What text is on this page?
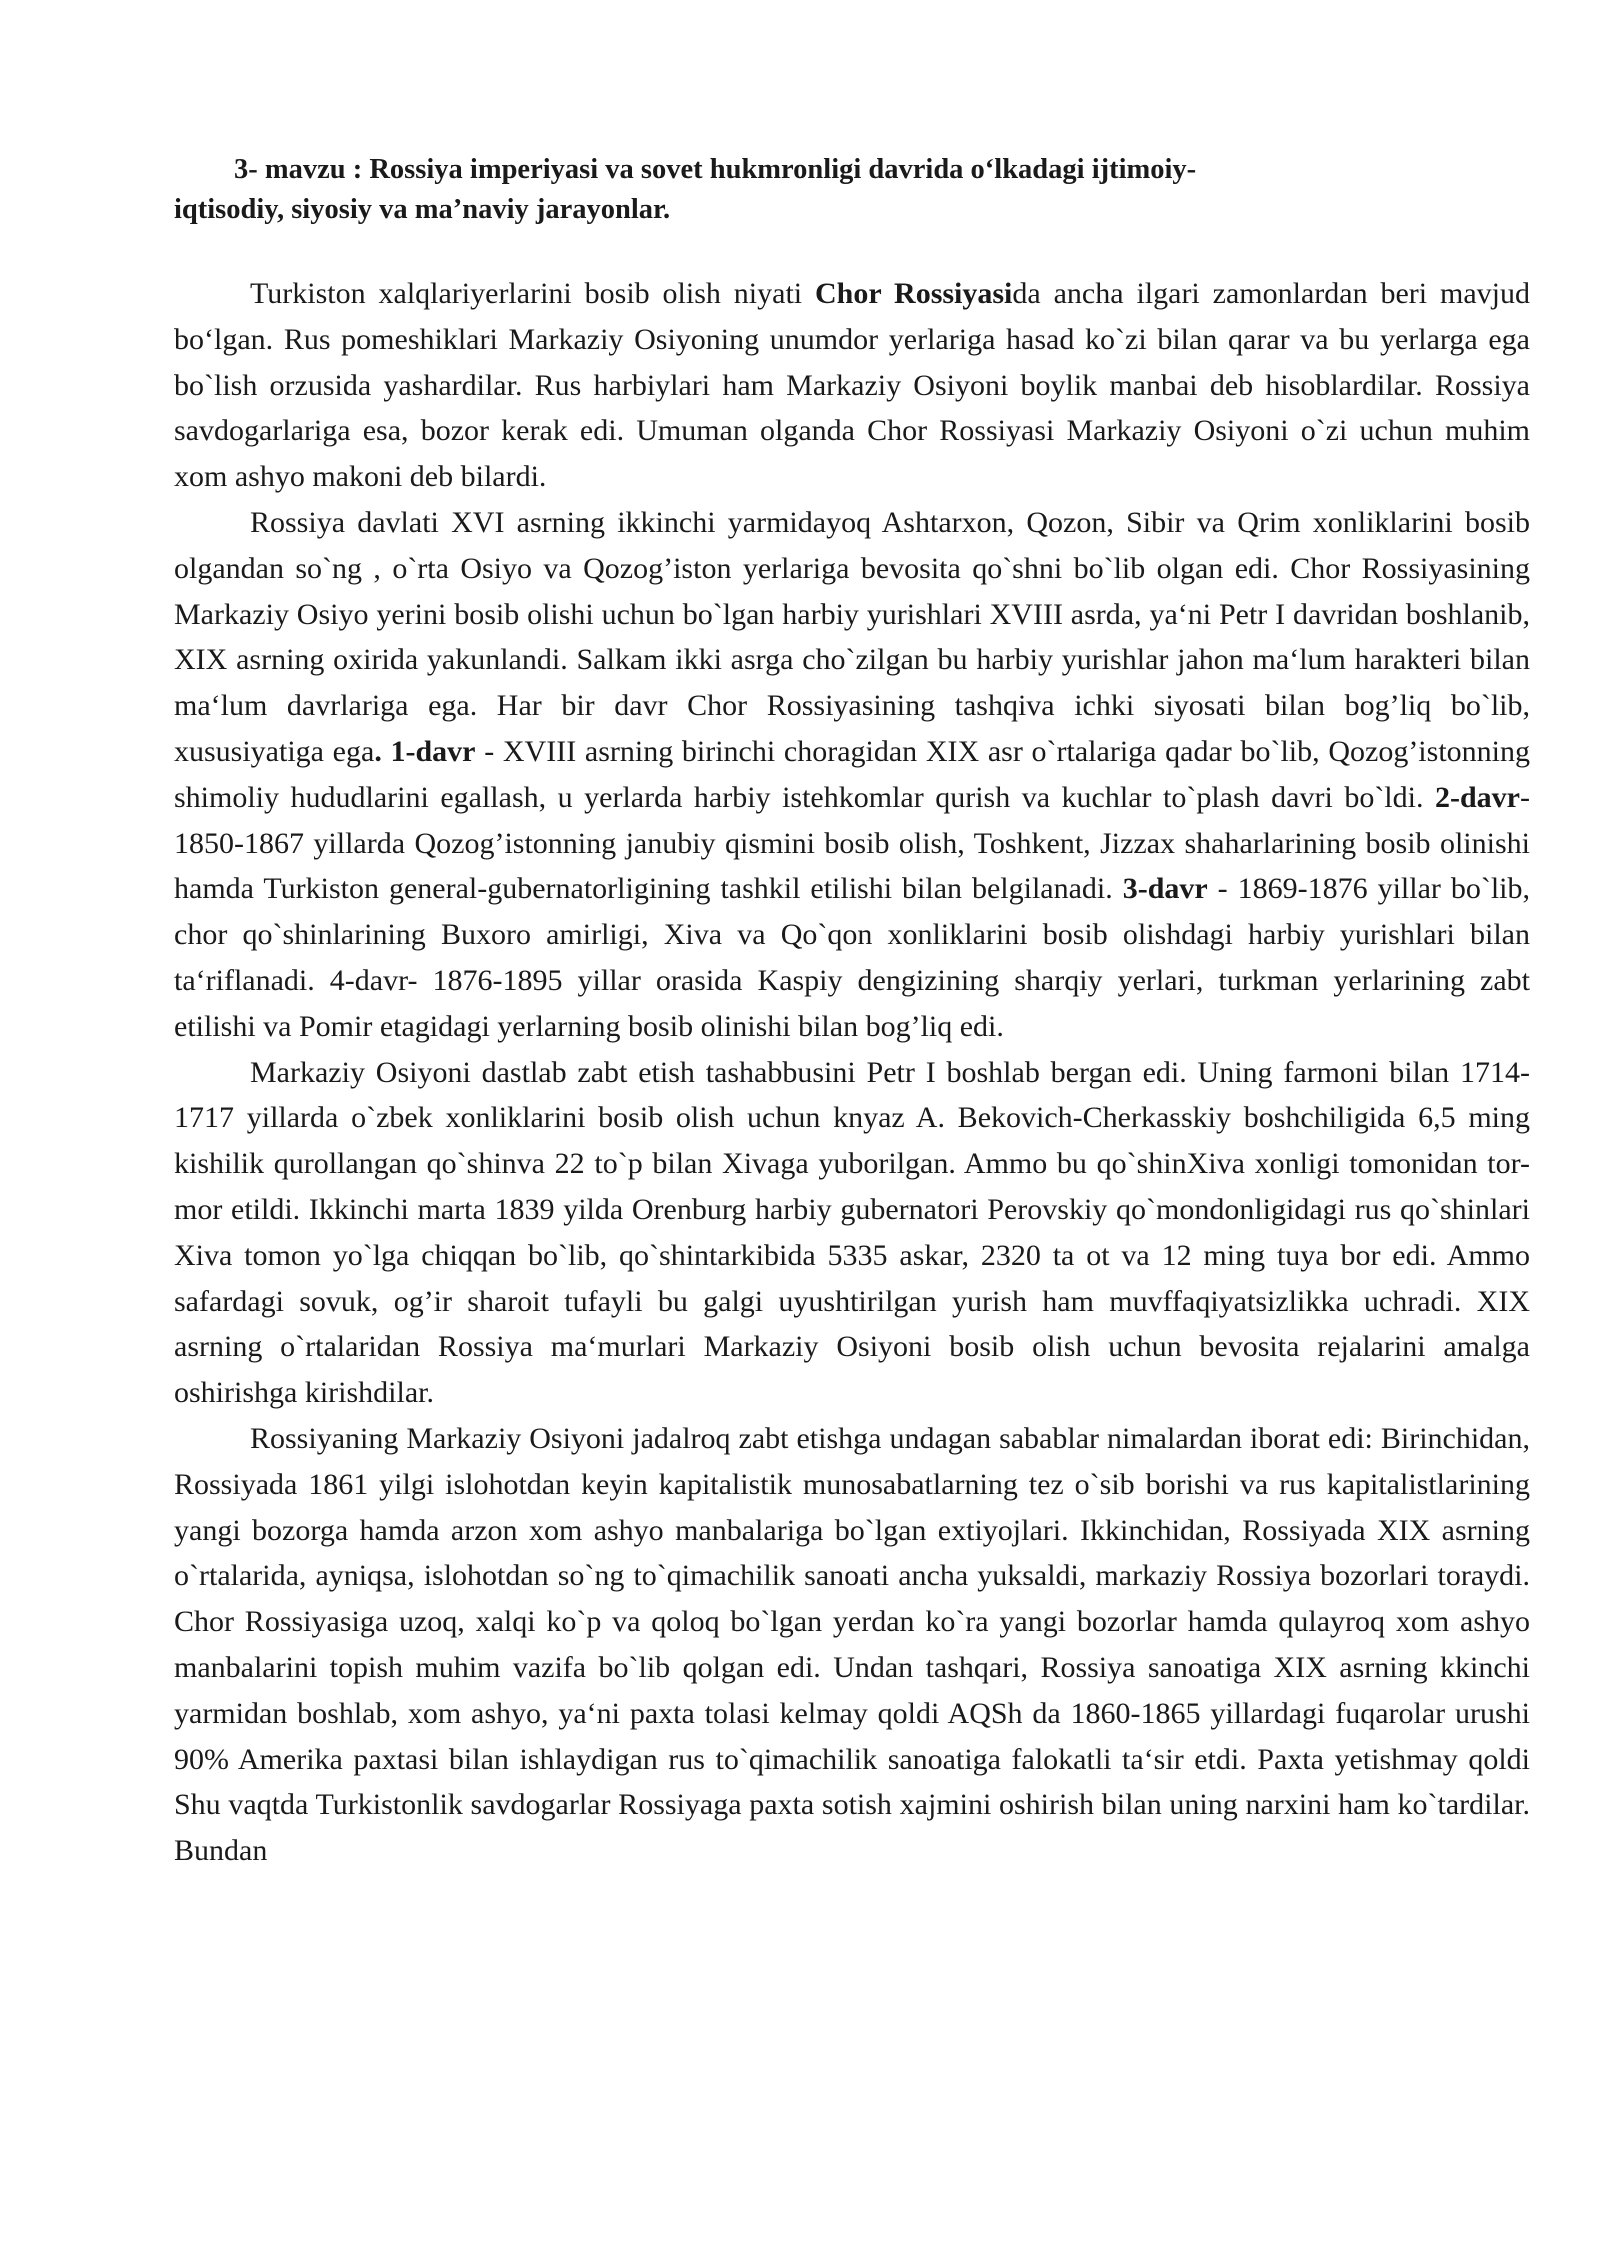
3- mavzu : Rossiya imperiyasi va sovet hukmronligi davrida o‘lkadagi ijtimoiy-
iqtisodiy, siyosiy va ma’naviy jarayonlar.

Turkiston xalqlariyerlarini bosib olish niyati Chor Rossiyasida ancha ilgari zamonlardan beri mavjud bo‘lgan. Rus pomeshiklari Markaziy Osiyoning unumdor yerlariga hasad ko`zi bilan qarar va bu yerlarga ega bo`lish orzusida yashardilar. Rus harbiylari ham Markaziy Osiyoni boylik manbai deb hisoblardilar. Rossiya savdogarlariga esa, bozor kerak edi. Umuman olganda Chor Rossiyasi Markaziy Osiyoni o`zi uchun muhim xom ashyo makoni deb bilardi.

Rossiya davlati XVI asrning ikkinchi yarmidayoq Ashtarxon, Qozon, Sibir va Qrim xonliklarini bosib olgandan so`ng , o`rta Osiyo va Qozog’iston yerlariga bevosita qo`shni bo`lib olgan edi. Chor Rossiyasining Markaziy Osiyo yerini bosib olishi uchun bo`lgan harbiy yurishlari XVIII asrda, ya‘ni Petr I davridan boshlanib, XIX asrning oxirida yakunlandi. Salkam ikki asrga cho`zilgan bu harbiy yurishlar jahon ma‘lum harakteri bilan ma‘lum davrlariga ega. Har bir davr Chor Rossiyasining tashqiva ichki siyosati bilan bog’liq bo`lib, xususiyatiga ega. 1-davr - XVIII asrning birinchi choragidan XIX asr o`rtalariga qadar bo`lib, Qozog’istonning shimoliy hududlarini egallash, u yerlarda harbiy istehkomlar qurish va kuchlar to`plash davri bo`ldi. 2-davr-1850-1867 yillarda Qozog’istonning janubiy qismini bosib olish, Toshkent, Jizzax shaharlarining bosib olinishi hamda Turkiston general-gubernatorligining tashkil etilishi bilan belgilanadi. 3-davr - 1869-1876 yillar bo`lib, chor qo`shinlarining Buxoro amirligi, Xiva va Qo`qon xonliklarini bosib olishdagi harbiy yurishlari bilan ta‘riflanadi. 4-davr- 1876-1895 yillar orasida Kaspiy dengizining sharqiy yerlari, turkman yerlarining zabt etilishi va Pomir etagidagi yerlarning bosib olinishi bilan bog’liq edi.

Markaziy Osiyoni dastlab zabt etish tashabbusini Petr I boshlab bergan edi. Uning farmoni bilan 1714-1717 yillarda o`zbek xonliklarini bosib olish uchun knyaz A. Bekovich-Cherkasskiy boshchiligida 6,5 ming kishilik qurollangan qo`shinva 22 to`p bilan Xivaga yuborilgan. Ammo bu qo`shinXiva xonligi tomonidan tor-mor etildi. Ikkinchi marta 1839 yilda Orenburg harbiy gubernatori Perovskiy qo`mondonligidagi rus qo`shinlari Xiva tomon yo`lga chiqqan bo`lib, qo`shintarkibida 5335 askar, 2320 ta ot va 12 ming tuya bor edi. Ammo safardagi sovuk, og’ir sharoit tufayli bu galgi uyushtirilgan yurish ham muvffaqiyatsizlikka uchradi. XIX asrning o`rtalaridan Rossiya ma‘murlari Markaziy Osiyoni bosib olish uchun bevosita rejalarini amalga oshirishga kirishdilar.

Rossiyaning Markaziy Osiyoni jadalroq zabt etishga undagan sabablar nimalardan iborat edi: Birinchidan, Rossiyada 1861 yilgi islohotdan keyin kapitalistik munosabatlarning tez o`sib borishi va rus kapitalistlarining yangi bozorga hamda arzon xom ashyo manbalariga bo`lgan extiyojlari. Ikkinchidan, Rossiyada XIX asrning o`rtalarida, ayniqsa, islohotdan so`ng to`qimachilik sanoati ancha yuksaldi, markaziy Rossiya bozorlari toraydi. Chor Rossiyasiga uzoq, xalqi ko`p va qoloq bo`lgan yerdan ko`ra yangi bozorlar hamda qulayroq xom ashyo manbalarini topish muhim vazifa bo`lib qolgan edi. Undan tashqari, Rossiya sanoatiga XIX asrning kkinchi yarmidan boshlab, xom ashyo, ya‘ni paxta tolasi kelmay qoldi AQSh da 1860-1865 yillardagi fuqarolar urushi 90% Amerika paxtasi bilan ishlaydigan rus to`qimachilik sanoatiga falokatli ta‘sir etdi. Paxta yetishmay qoldi Shu vaqtda Turkistonlik savdogarlar Rossiyaga paxta sotish xajmini oshirish bilan uning narxini ham ko`tardilar. Bundan
